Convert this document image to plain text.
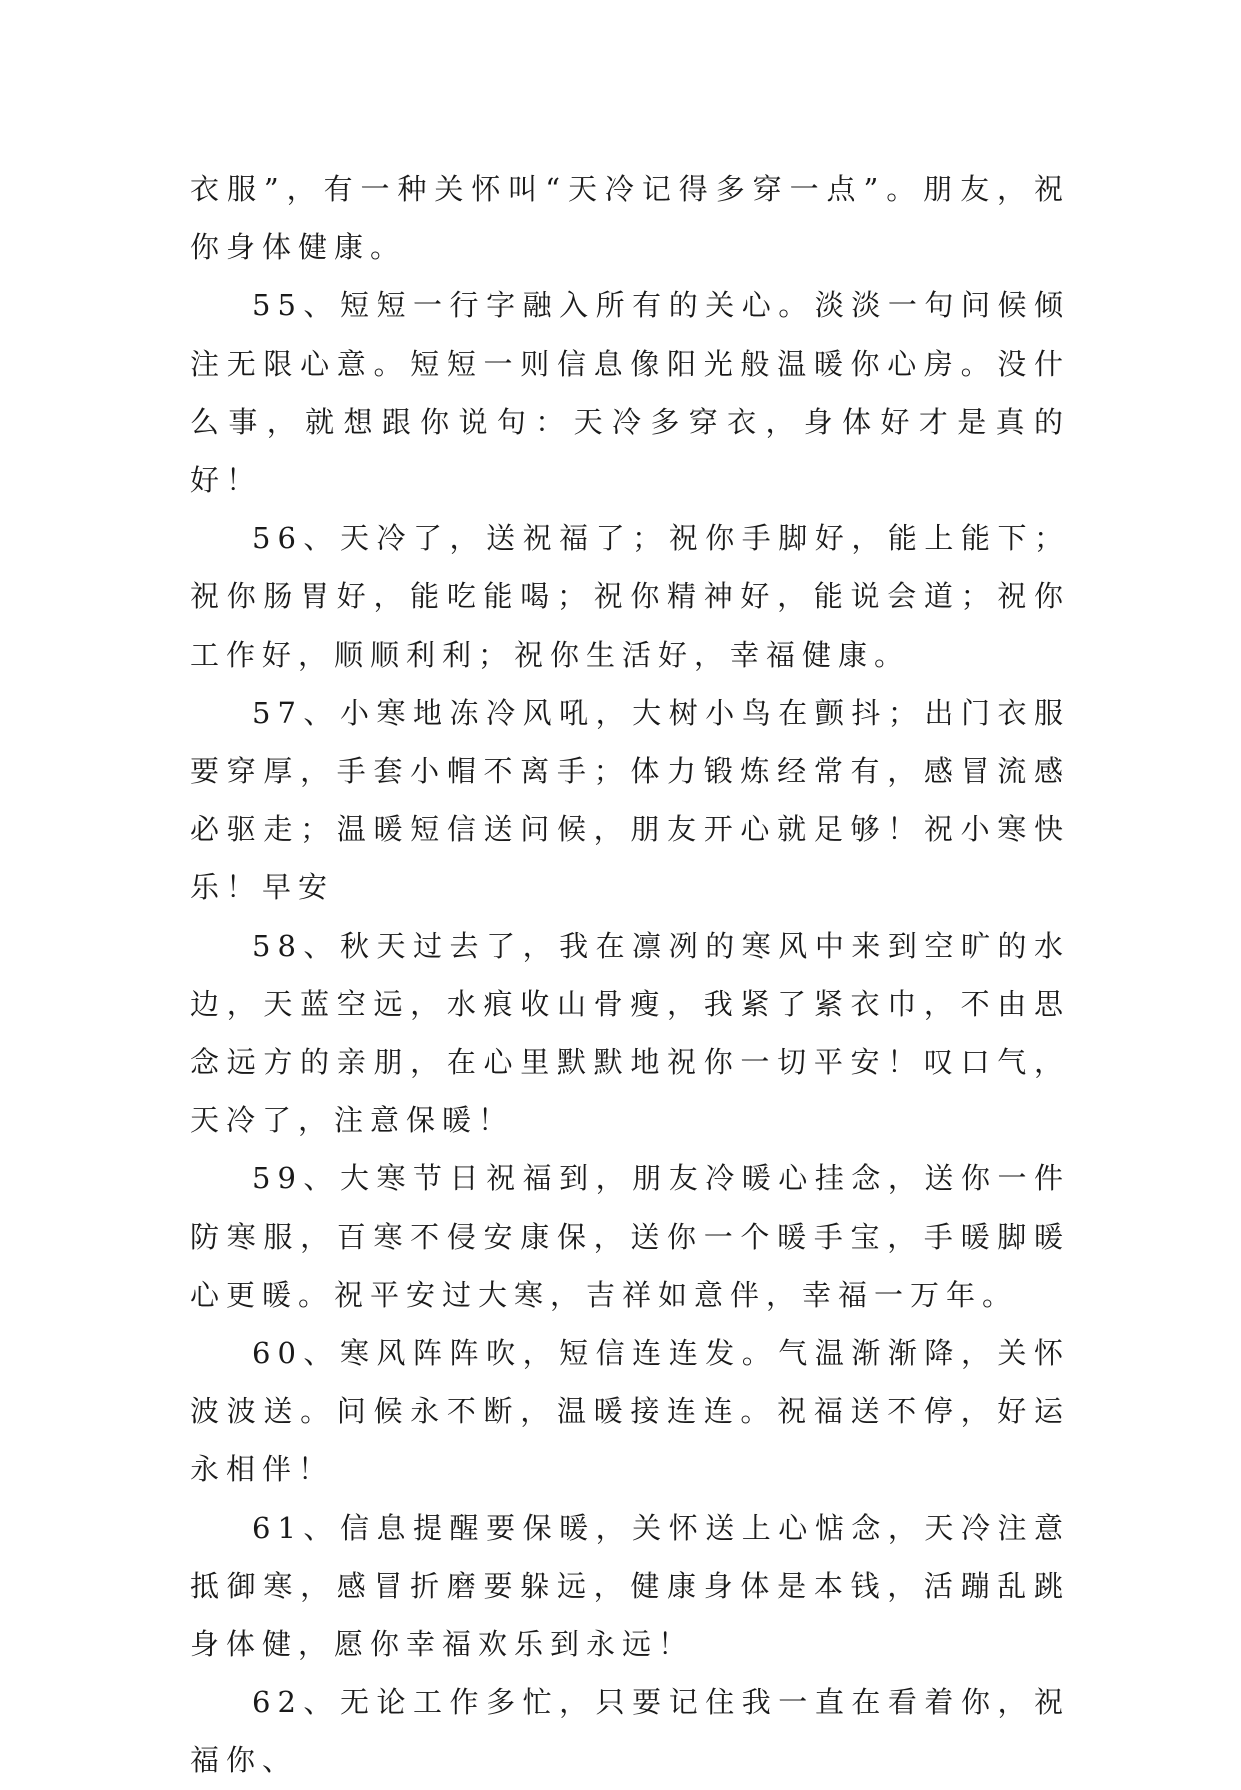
衣服”，有一种关怀叫“天冷记得多穿一点”。朋友，祝你身体健康。

55、短短一行字融入所有的关心。淡淡一句问候倾注无限心意。短短一则信息像阳光般温暖你心房。没什么事，就想跟你说句：天冷多穿衣，身体好才是真的好！

56、天冷了，送祝福了；祝你手脚好，能上能下；祝你肠胃好，能吃能喝；祝你精神好，能说会道；祝你工作好，顺顺利利；祝你生活好，幸福健康。

57、小寒地冻冷风吼，大树小鸟在颤抖；出门衣服要穿厚，手套小帽不离手；体力锻炼经常有，感冒流感必驱走；温暖短信送问候，朋友开心就足够！祝小寒快乐！早安

58、秋天过去了，我在凛冽的寒风中来到空旷的水边，天蓝空远，水痕收山骨瘦，我紧了紧衣巾，不由思念远方的亲朋，在心里默默地祝你一切平安！叹口气，天冷了，注意保暖！

59、大寒节日祝福到，朋友冷暖心挂念，送你一件防寒服，百寒不侵安康保，送你一个暖手宝，手暖脚暖心更暖。祝平安过大寒，吉祥如意伴，幸福一万年。

60、寒风阵阵吹，短信连连发。气温渐渐降，关怀波波送。问候永不断，温暖接连连。祝福送不停，好运永相伴！

61、信息提醒要保暖，关怀送上心惦念，天冷注意抵御寒，感冒折磨要躲远，健康身体是本钱，活蹦乱跳身体健，愿你幸福欢乐到永远！

62、无论工作多忙，只要记住我一直在看着你，祝福你、
